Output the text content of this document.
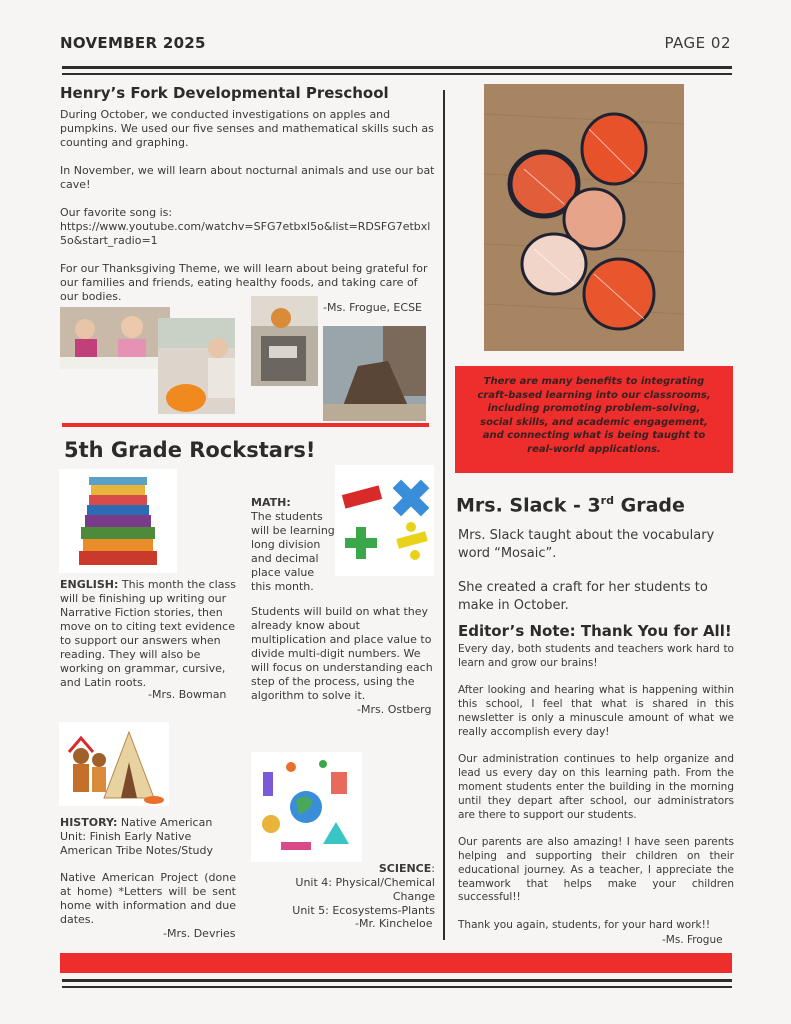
NOVEMBER 2025	PAGE 02
Henry’s Fork Developmental Preschool

During October, we conducted investigations on apples and pumpkins. We used our five senses and mathematical skills such as counting and graphing.

In November, we will learn about nocturnal animals and use our bat cave!

Our favorite song is:

https://www.youtube.com/watchv=SFG7etbxl5o&list=RDSFG7etbxl5o&start_radio=1

For our Thanksgiving Theme, we will learn about being grateful for our families and friends, eating healthy foods, and taking care of our bodies.

-Ms. Frogue, ECSE
There are many benefits to integrating craft-based learning into our classrooms, including promoting problem-solving, social skills, and academic engagement, and connecting what is being taught to real-world applications.
5th Grade Rockstars!
ENGLISH: This month the class will be finishing up writing our Narrative Fiction stories, then move on to citing text evidence to support our answers when reading. They will also be working on grammar, cursive, and Latin roots.
-Mrs. Bowman
MATH:
The students will be learning long division and decimal place value this month.
Students will build on what they already know about multiplication and place value to divide multi-digit numbers. We will focus on understanding each step of the process, using the algorithm to solve it.
-Mrs. Ostberg
HISTORY: Native American Unit: Finish Early Native American Tribe Notes/Study
Native American Project (done at home) *Letters will be sent home with information and due dates.
-Mrs. Devries
SCIENCE:
Unit 4: Physical/Chemical Change
Unit 5: Ecosystems-Plants
-Mr. Kincheloe
Mrs. Slack - 3rd Grade

Mrs. Slack taught about the vocabulary word “Mosaic”.

She created a craft for her students to make in October.

Editor’s Note: Thank You for All!

Every day, both students and teachers work hard to learn and grow our brains!

After looking and hearing what is happening within this school, I feel that what is shared in this newsletter is only a minuscule amount of what we really accomplish every day!

Our administration continues to help organize and lead us every day on this learning path. From the moment students enter the building in the morning until they depart after school, our administrators are there to support our students.

Our parents are also amazing! I have seen parents helping and supporting their children on their educational journey. As a teacher, I appreciate the teamwork that helps make your children successful!!

Thank you again, students, for your hard work!!

-Ms. Frogue
